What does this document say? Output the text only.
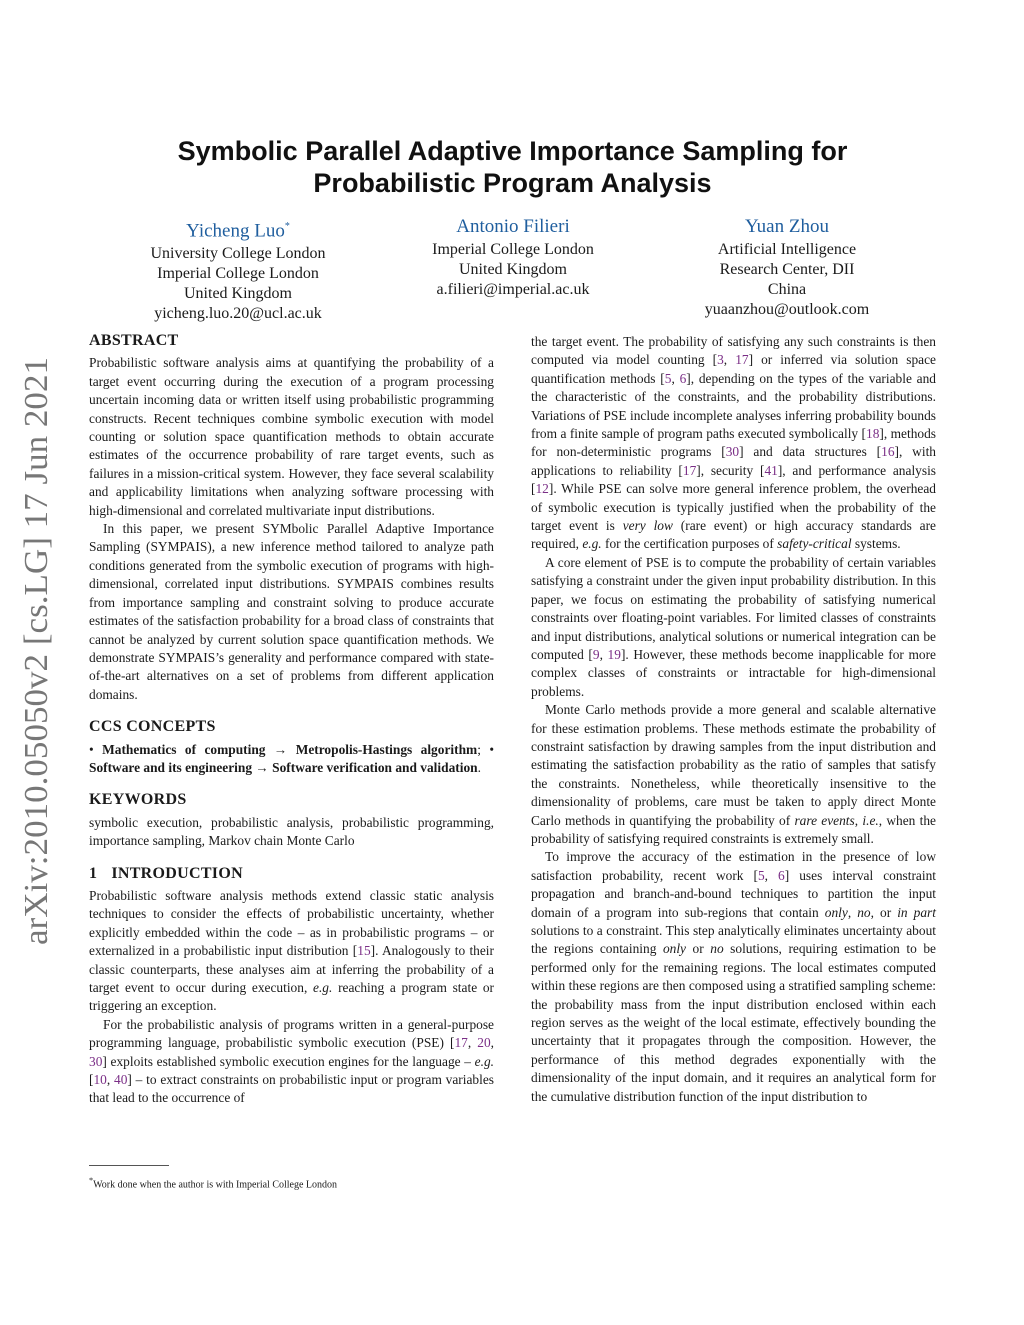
arXiv:2010.05050v2 [cs.LG] 17 Jun 2021
Symbolic Parallel Adaptive Importance Sampling for
Probabilistic Program Analysis
Yicheng Luo*
University College London
Imperial College London
United Kingdom
yicheng.luo.20@ucl.ac.uk
Antonio Filieri
Imperial College London
United Kingdom
a.filieri@imperial.ac.uk
Yuan Zhou
Artificial Intelligence
Research Center, DII
China
yuaanzhou@outlook.com
ABSTRACT

Probabilistic software analysis aims at quantifying the probability of a target event occurring during the execution of a program processing uncertain incoming data or written itself using probabilistic programming constructs. Recent techniques combine symbolic execution with model counting or solution space quantification methods to obtain accurate estimates of the occurrence probability of rare target events, such as failures in a mission-critical system. However, they face several scalability and applicability limitations when analyzing software processing with high-dimensional and correlated multivariate input distributions.

In this paper, we present SYMbolic Parallel Adaptive Importance Sampling (SYMPAIS), a new inference method tailored to analyze path conditions generated from the symbolic execution of programs with high-dimensional, correlated input distributions. SYMPAIS combines results from importance sampling and constraint solving to produce accurate estimates of the satisfaction probability for a broad class of constraints that cannot be analyzed by current solution space quantification methods. We demonstrate SYMPAIS’s generality and performance compared with state-of-the-art alternatives on a set of problems from different application domains.

CCS CONCEPTS

• Mathematics of computing → Metropolis-Hastings algorithm; • Software and its engineering → Software verification and validation.

KEYWORDS

symbolic execution, probabilistic analysis, probabilistic programming, importance sampling, Markov chain Monte Carlo

1 INTRODUCTION

Probabilistic software analysis methods extend classic static analysis techniques to consider the effects of probabilistic uncertainty, whether explicitly embedded within the code – as in probabilistic programs – or externalized in a probabilistic input distribution [15]. Analogously to their classic counterparts, these analyses aim at inferring the probability of a target event to occur during execution, e.g. reaching a program state or triggering an exception.

For the probabilistic analysis of programs written in a general-purpose programming language, probabilistic symbolic execution (PSE) [17, 20, 30] exploits established symbolic execution engines for the language – e.g. [10, 40] – to extract constraints on probabilistic input or program variables that lead to the occurrence of

*Work done when the author is with Imperial College London

the target event. The probability of satisfying any such constraints is then computed via model counting [3, 17] or inferred via solution space quantification methods [5, 6], depending on the types of the variable and the characteristic of the constraints, and the probability distributions. Variations of PSE include incomplete analyses inferring probability bounds from a finite sample of program paths executed symbolically [18], methods for non-deterministic programs [30] and data structures [16], with applications to reliability [17], security [41], and performance analysis [12]. While PSE can solve more general inference problem, the overhead of symbolic execution is typically justified when the probability of the target event is very low (rare event) or high accuracy standards are required, e.g. for the certification purposes of safety-critical systems.

A core element of PSE is to compute the probability of certain variables satisfying a constraint under the given input probability distribution. In this paper, we focus on estimating the probability of satisfying numerical constraints over floating-point variables. For limited classes of constraints and input distributions, analytical solutions or numerical integration can be computed [9, 19]. However, these methods become inapplicable for more complex classes of constraints or intractable for high-dimensional problems.

Monte Carlo methods provide a more general and scalable alternative for these estimation problems. These methods estimate the probability of constraint satisfaction by drawing samples from the input distribution and estimating the satisfaction probability as the ratio of samples that satisfy the constraints. Nonetheless, while theoretically insensitive to the dimensionality of problems, care must be taken to apply direct Monte Carlo methods in quantifying the probability of rare events, i.e., when the probability of satisfying required constraints is extremely small.

To improve the accuracy of the estimation in the presence of low satisfaction probability, recent work [5, 6] uses interval constraint propagation and branch-and-bound techniques to partition the input domain of a program into sub-regions that contain only, no, or in part solutions to a constraint. This step analytically eliminates uncertainty about the regions containing only or no solutions, requiring estimation to be performed only for the remaining regions. The local estimates computed within these regions are then composed using a stratified sampling scheme: the probability mass from the input distribution enclosed within each region serves as the weight of the local estimate, effectively bounding the uncertainty that it propagates through the composition. However, the performance of this method degrades exponentially with the dimensionality of the input domain, and it requires an analytical form for the cumulative distribution function of the input distribution to
